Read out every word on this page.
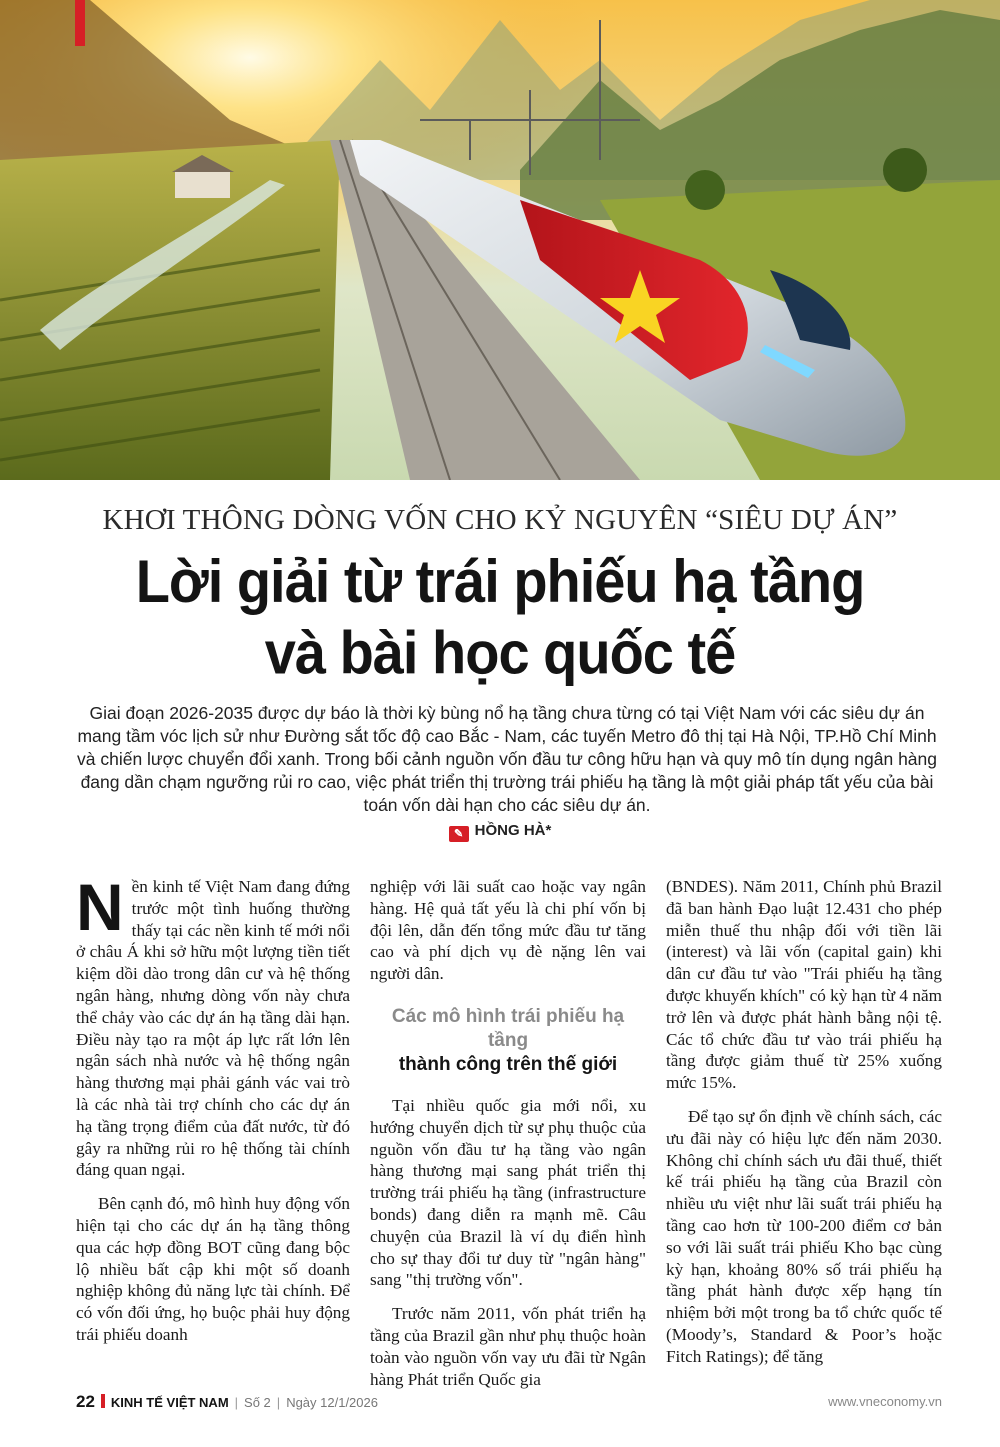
KHƠI THÔNG DÒNG VỐN CHO KỶ NGUYÊN “SIÊU DỰ ÁN”
Lời giải từ trái phiếu hạ tầng
và bài học quốc tế

Giai đoạn 2026-2035 được dự báo là thời kỳ bùng nổ hạ tầng chưa từng có tại Việt Nam với các siêu dự án mang tầm vóc lịch sử như Đường sắt tốc độ cao Bắc - Nam, các tuyến Metro đô thị tại Hà Nội, TP.Hồ Chí Minh và chiến lược chuyển đổi xanh. Trong bối cảnh nguồn vốn đầu tư công hữu hạn và quy mô tín dụng ngân hàng đang dần chạm ngưỡng rủi ro cao, việc phát triển thị trường trái phiếu hạ tầng là một giải pháp tất yếu của bài toán vốn dài hạn cho các siêu dự án.

✎ HỒNG HÀ*

Nền kinh tế Việt Nam đang đứng trước một tình huống thường thấy tại các nền kinh tế mới nổi ở châu Á khi sở hữu một lượng tiền tiết kiệm dồi dào trong dân cư và hệ thống ngân hàng, nhưng dòng vốn này chưa thể chảy vào các dự án hạ tầng dài hạn. Điều này tạo ra một áp lực rất lớn lên ngân sách nhà nước và hệ thống ngân hàng thương mại phải gánh vác vai trò là các nhà tài trợ chính cho các dự án hạ tầng trọng điểm của đất nước, từ đó gây ra những rủi ro hệ thống tài chính đáng quan ngại.

Bên cạnh đó, mô hình huy động vốn hiện tại cho các dự án hạ tầng thông qua các hợp đồng BOT cũng đang bộc lộ nhiều bất cập khi một số doanh nghiệp không đủ năng lực tài chính. Để có vốn đối ứng, họ buộc phải huy động trái phiếu doanh

nghiệp với lãi suất cao hoặc vay ngân hàng. Hệ quả tất yếu là chi phí vốn bị đội lên, dẫn đến tổng mức đầu tư tăng cao và phí dịch vụ đè nặng lên vai người dân.

Các mô hình trái phiếu hạ tầng
thành công trên thế giới

Tại nhiều quốc gia mới nổi, xu hướng chuyển dịch từ sự phụ thuộc của nguồn vốn đầu tư hạ tầng vào ngân hàng thương mại sang phát triển thị trường trái phiếu hạ tầng (infrastructure bonds) đang diễn ra mạnh mẽ. Câu chuyện của Brazil là ví dụ điển hình cho sự thay đổi tư duy từ "ngân hàng" sang "thị trường vốn".

Trước năm 2011, vốn phát triển hạ tầng của Brazil gần như phụ thuộc hoàn toàn vào nguồn vốn vay ưu đãi từ Ngân hàng Phát triển Quốc gia

(BNDES). Năm 2011, Chính phủ Brazil đã ban hành Đạo luật 12.431 cho phép miễn thuế thu nhập đối với tiền lãi (interest) và lãi vốn (capital gain) khi dân cư đầu tư vào "Trái phiếu hạ tầng được khuyến khích" có kỳ hạn từ 4 năm trở lên và được phát hành bằng nội tệ. Các tổ chức đầu tư vào trái phiếu hạ tầng được giảm thuế từ 25% xuống mức 15%.

Để tạo sự ổn định về chính sách, các ưu đãi này có hiệu lực đến năm 2030. Không chỉ chính sách ưu đãi thuế, thiết kế trái phiếu hạ tầng của Brazil còn nhiều ưu việt như lãi suất trái phiếu hạ tầng cao hơn từ 100-200 điểm cơ bản so với lãi suất trái phiếu Kho bạc cùng kỳ hạn, khoảng 80% số trái phiếu hạ tầng phát hành được xếp hạng tín nhiệm bởi một trong ba tổ chức quốc tế (Moody’s, Standard & Poor’s hoặc Fitch Ratings); để tăng

22 KINH TẾ VIỆT NAM | Số 2 | Ngày 12/1/2026	www.vneconomy.vn
